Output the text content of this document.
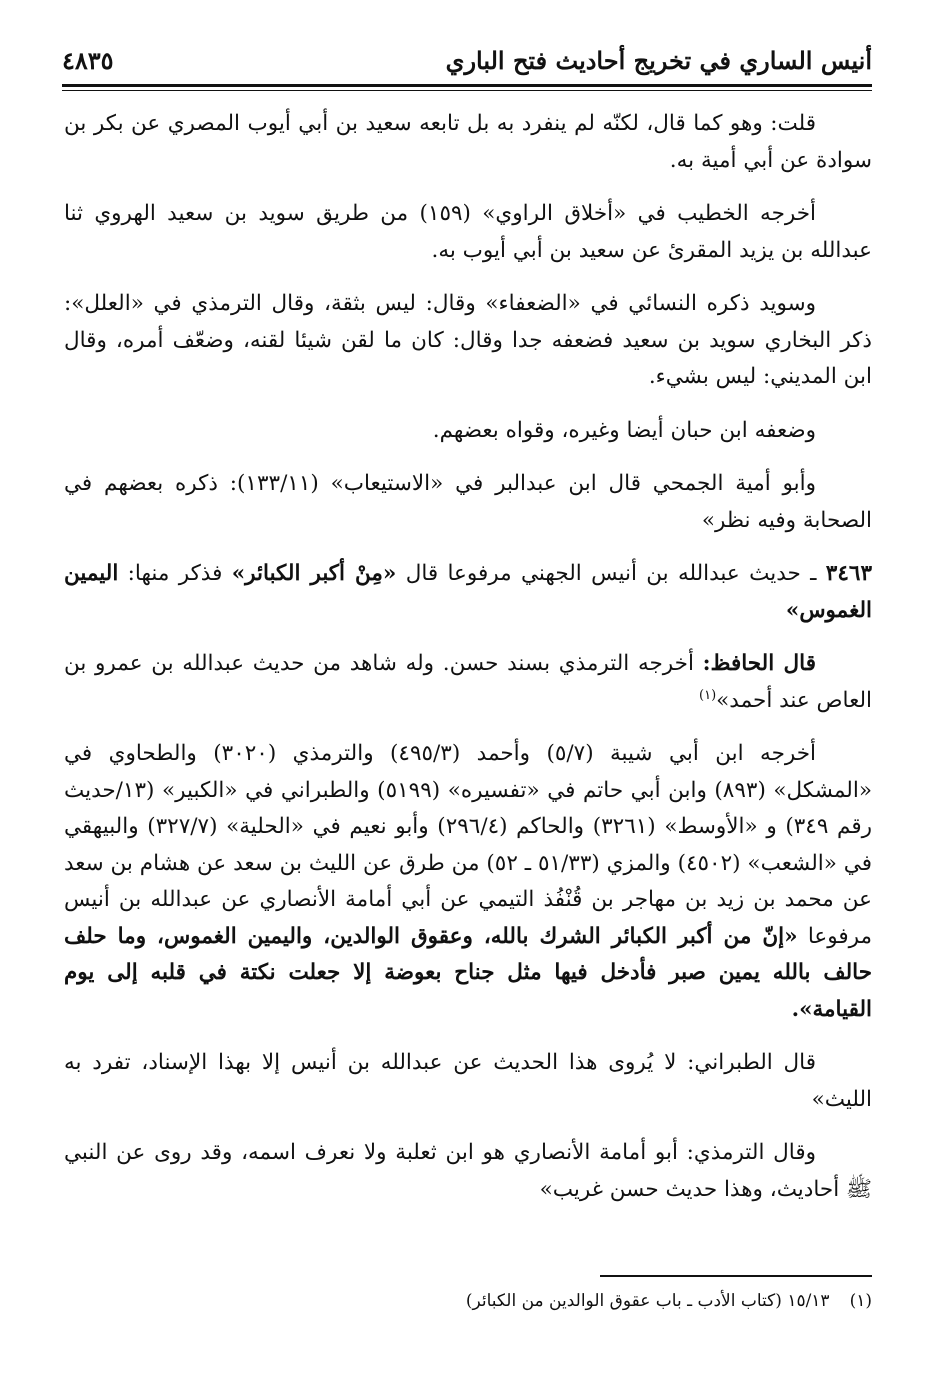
أنيس الساري في تخريج أحاديث فتح الباري
٤٨٣٥

قلت: وهو كما قال، لكنّه لم ينفرد به بل تابعه سعيد بن أبي أيوب المصري عن بكر بن سوادة عن أبي أمية به.

أخرجه الخطيب في «أخلاق الراوي» (١٥٩) من طريق سويد بن سعيد الهروي ثنا عبدالله بن يزيد المقرئ عن سعيد بن أبي أيوب به.

وسويد ذكره النسائي في «الضعفاء» وقال: ليس بثقة، وقال الترمذي في «العلل»: ذكر البخاري سويد بن سعيد فضعفه جدا وقال: كان ما لقن شيئا لقنه، وضعّف أمره، وقال ابن المديني: ليس بشيء.

وضعفه ابن حبان أيضا وغيره، وقواه بعضهم.

وأبو أمية الجمحي قال ابن عبدالبر في «الاستيعاب» (١٣٣/١١): ذكره بعضهم في الصحابة وفيه نظر»

٣٤٦٣ ـ حديث عبدالله بن أنيس الجهني مرفوعا قال «مِنْ أكبر الكبائر» فذكر منها: اليمين الغموس»

قال الحافظ: أخرجه الترمذي بسند حسن. وله شاهد من حديث عبدالله بن عمرو بن العاص عند أحمد»$^{(١)}$

أخرجه ابن أبي شيبة (٥/٧) وأحمد (٤٩٥/٣) والترمذي (٣٠٢٠) والطحاوي في «المشكل» (٨٩٣) وابن أبي حاتم في «تفسيره» (٥١٩٩) والطبراني في «الكبير» (١٣/حديث رقم ٣٤٩) و «الأوسط» (٣٢٦١) والحاكم (٢٩٦/٤) وأبو نعيم في «الحلية» (٣٢٧/٧) والبيهقي في «الشعب» (٤٥٠٢) والمزي (٥١/٣٣ ـ ٥٢) من طرق عن الليث بن سعد عن هشام بن سعد عن محمد بن زيد بن مهاجر بن قُنْفُذ التيمي عن أبي أمامة الأنصاري عن عبدالله بن أنيس مرفوعا «إنّ من أكبر الكبائر الشرك بالله، وعقوق الوالدين، واليمين الغموس، وما حلف حالف بالله يمين صبر فأدخل فيها مثل جناح بعوضة إلا جعلت نكتة في قلبه إلى يوم القيامة».

قال الطبراني: لا يُروى هذا الحديث عن عبدالله بن أنيس إلا بهذا الإسناد، تفرد به الليث»

وقال الترمذي: أبو أمامة الأنصاري هو ابن ثعلبة ولا نعرف اسمه، وقد روى عن النبي ﷺ أحاديث، وهذا حديث حسن غريب»

(١)١٥/١٣ (كتاب الأدب ـ باب عقوق الوالدين من الكبائر)
